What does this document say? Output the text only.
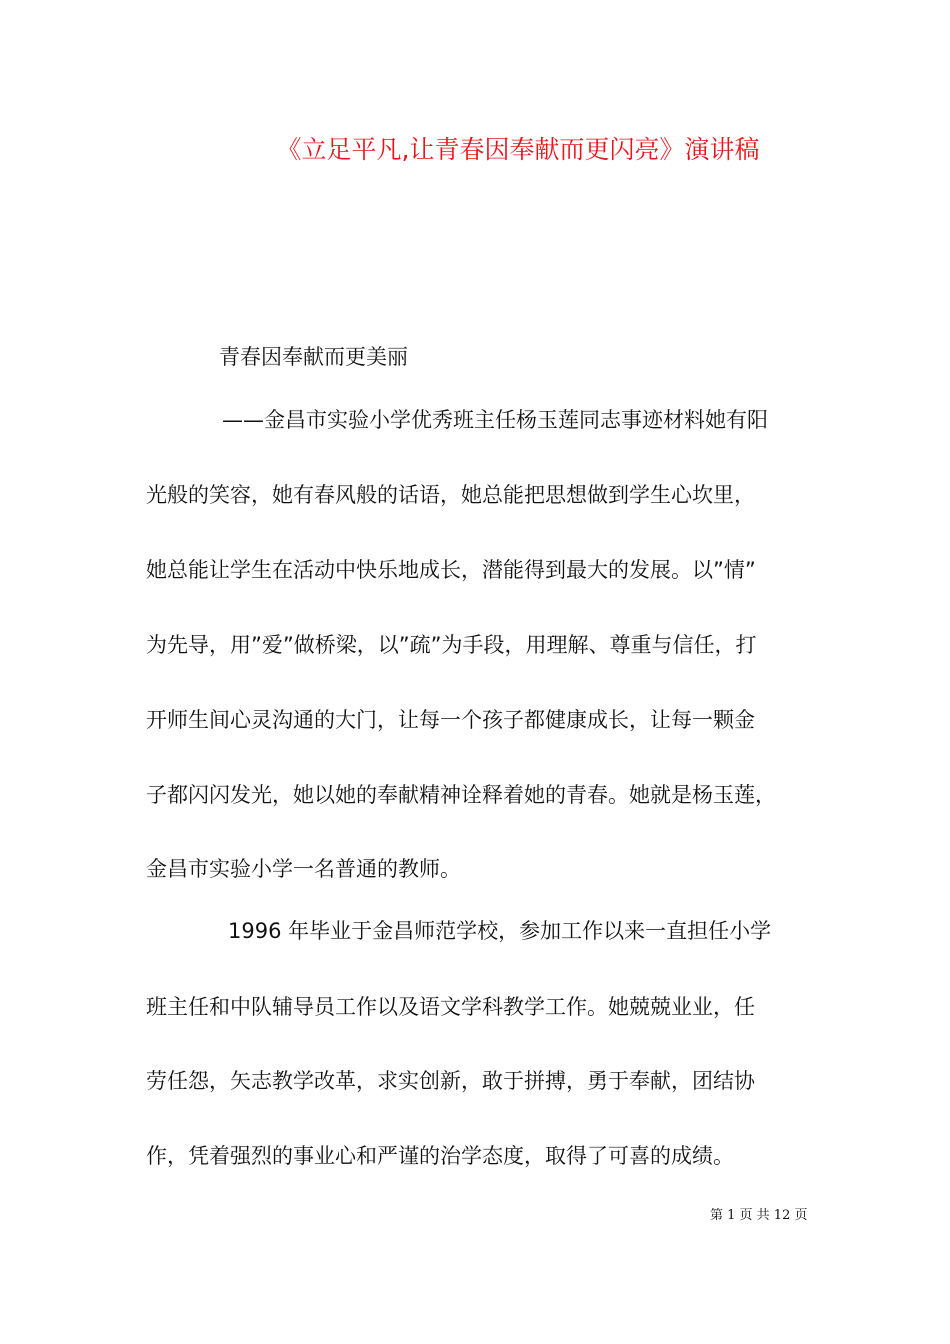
《立足平凡,让青春因奉献而更闪亮》演讲稿
青春因奉献而更美丽
——金昌市实验小学优秀班主任杨玉莲同志事迹材料她有阳
光般的笑容，她有春风般的话语，她总能把思想做到学生心坎里，
她总能让学生在活动中快乐地成长，潜能得到最大的发展。以”情”
为先导，用”爱”做桥梁，以”疏”为手段，用理解、尊重与信任，打
开师生间心灵沟通的大门，让每一个孩子都健康成长，让每一颗金
子都闪闪发光，她以她的奉献精神诠释着她的青春。她就是杨玉莲，
金昌市实验小学一名普通的教师。
1996 年毕业于金昌师范学校，参加工作以来一直担任小学
班主任和中队辅导员工作以及语文学科教学工作。她兢兢业业，任
劳任怨，矢志教学改革，求实创新，敢于拼搏，勇于奉献，团结协
作，凭着强烈的事业心和严谨的治学态度，取得了可喜的成绩。
第 1 页 共 12 页
